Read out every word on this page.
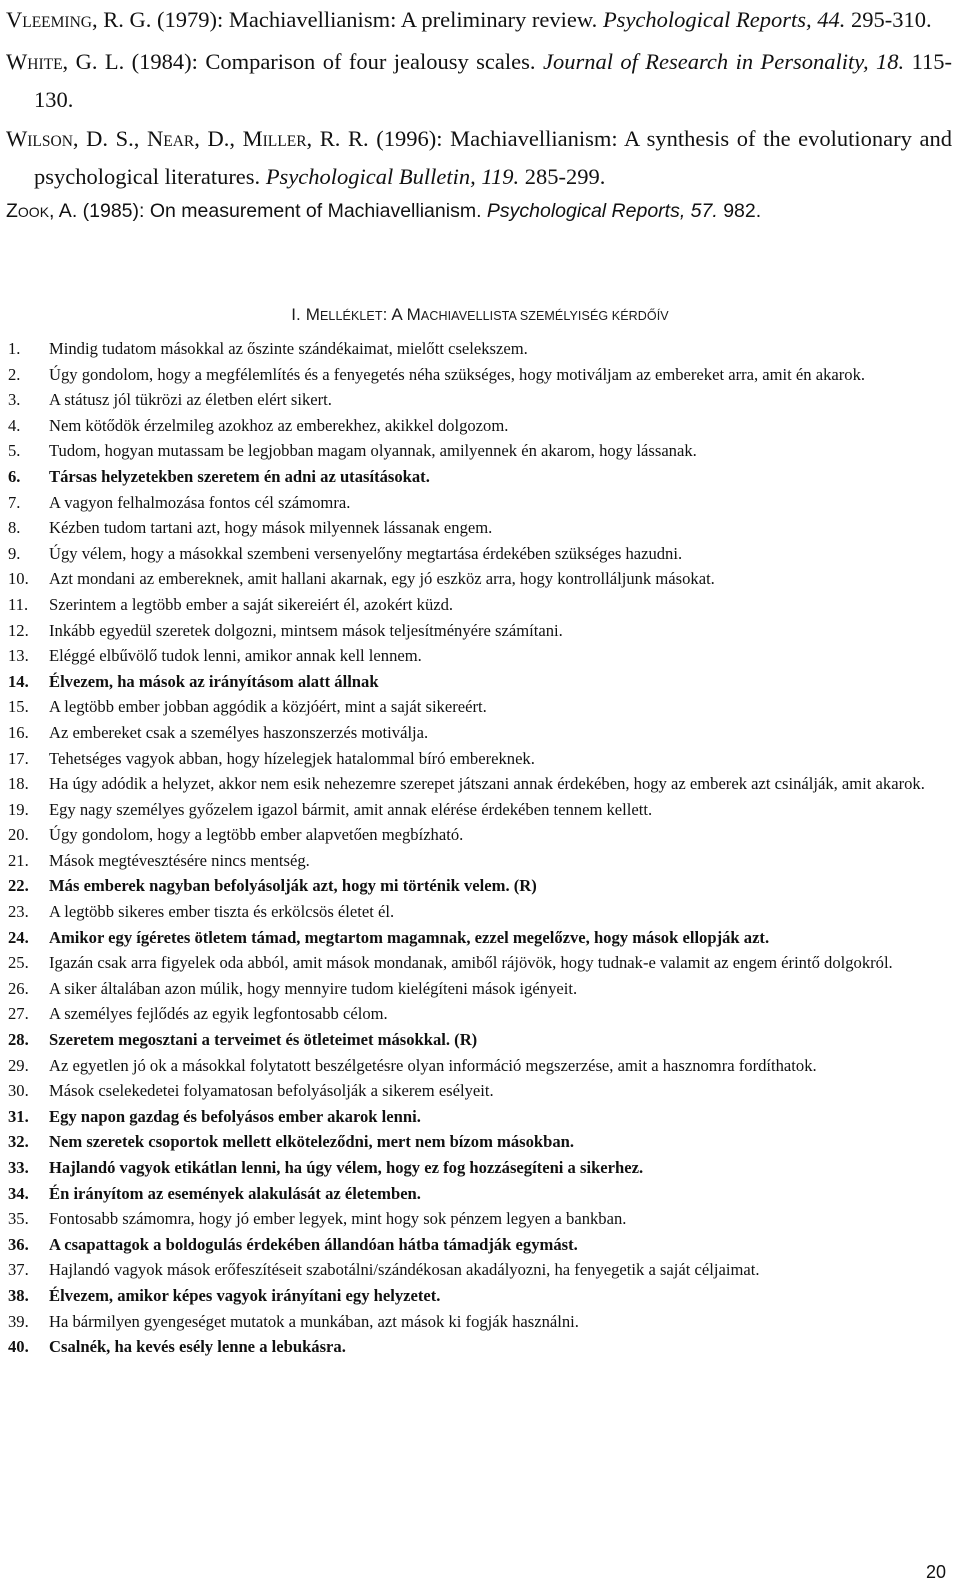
VLEEMING, R. G. (1979): Machiavellianism: A preliminary review. Psychological Reports, 44. 295-310.
WHITE, G. L. (1984): Comparison of four jealousy scales. Journal of Research in Personality, 18. 115-130.
WILSON, D. S., NEAR, D., MILLER, R. R. (1996): Machiavellianism: A synthesis of the evolutionary and psychological literatures. Psychological Bulletin, 119. 285-299.
ZOOK, A. (1985): On measurement of Machiavellianism. Psychological Reports, 57. 982.
I. MELLÉKLET: A MACHIAVELLISTA SZEMÉLYISÉG KÉRDŐÍV
1.	Mindig tudatom másokkal az őszinte szándékaimat, mielőtt cselekszem.
2.	Úgy gondolom, hogy a megfélemlítés és a fenyegetés néha szükséges, hogy motiváljam az embereket arra, amit én akarok.
3.	A státusz jól tükrözi az életben elért sikert.
4.	Nem kötődök érzelmileg azokhoz az emberekhez, akikkel dolgozom.
5.	Tudom, hogyan mutassam be legjobban magam olyannak, amilyennek én akarom, hogy lássanak.
6.	Társas helyzetekben szeretem én adni az utasításokat.
7.	A vagyon felhalmozása fontos cél számomra.
8.	Kézben tudom tartani azt, hogy mások milyennek lássanak engem.
9.	Úgy vélem, hogy a másokkal szembeni versenyelőny megtartása érdekében szükséges hazudni.
10.	Azt mondani az embereknek, amit hallani akarnak, egy jó eszköz arra, hogy kontrolláljunk másokat.
11.	Szerintem a legtöbb ember a saját sikereiért él, azokért küzd.
12.	Inkább egyedül szeretek dolgozni, mintsem mások teljesítményére számítani.
13.	Eléggé elbűvölő tudok lenni, amikor annak kell lennem.
14.	Élvezem, ha mások az irányításom alatt állnak
15.	A legtöbb ember jobban aggódik a közjóért, mint a saját sikereért.
16.	Az embereket csak a személyes haszonszerzés motiválja.
17.	Tehetséges vagyok abban, hogy hízelegjek hatalommal bíró embereknek.
18.	Ha úgy adódik a helyzet, akkor nem esik nehezemre szerepet játszani annak érdekében, hogy az emberek azt csinálják, amit akarok.
19.	Egy nagy személyes győzelem igazol bármit, amit annak elérése érdekében tennem kellett.
20.	Úgy gondolom, hogy a legtöbb ember alapvetően megbízható.
21.	Mások megtévesztésére nincs mentség.
22.	Más emberek nagyban befolyásolják azt, hogy mi történik velem. (R)
23.	A legtöbb sikeres ember tiszta és erkölcsös életet él.
24.	Amikor egy ígéretes ötletem támad, megtartom magamnak, ezzel megelőzve, hogy mások ellopják azt.
25.	Igazán csak arra figyelek oda abból, amit mások mondanak, amiből rájövök, hogy tudnak-e valamit az engem érintő dolgokról.
26.	A siker általában azon múlik, hogy mennyire tudom kielégíteni mások igényeit.
27.	A személyes fejlődés az egyik legfontosabb célom.
28.	Szeretem megosztani a terveimet és ötleteimet másokkal. (R)
29.	Az egyetlen jó ok a másokkal folytatott beszélgetésre olyan információ megszerzése, amit a hasznomra fordíthatok.
30.	Mások cselekedetei folyamatosan befolyásolják a sikerem esélyeit.
31.	Egy napon gazdag és befolyásos ember akarok lenni.
32.	Nem szeretek csoportok mellett elköteleződni, mert nem bízom másokban.
33.	Hajlandó vagyok etikátlan lenni, ha úgy vélem, hogy ez fog hozzásegíteni a sikerhez.
34.	Én irányítom az események alakulását az életemben.
35.	Fontosabb számomra, hogy jó ember legyek, mint hogy sok pénzem legyen a bankban.
36.	A csapattagok a boldogulás érdekében állandóan hátba támadják egymást.
37.	Hajlandó vagyok mások erőfeszítéseit szabotálni/szándékosan akadályozni, ha fenyegetik a saját céljaimat.
38.	Élvezem, amikor képes vagyok irányítani egy helyzetet.
39.	Ha bármilyen gyengeséget mutatok a munkában, azt mások ki fogják használni.
40.	Csalnék, ha kevés esély lenne a lebukásra.
20
